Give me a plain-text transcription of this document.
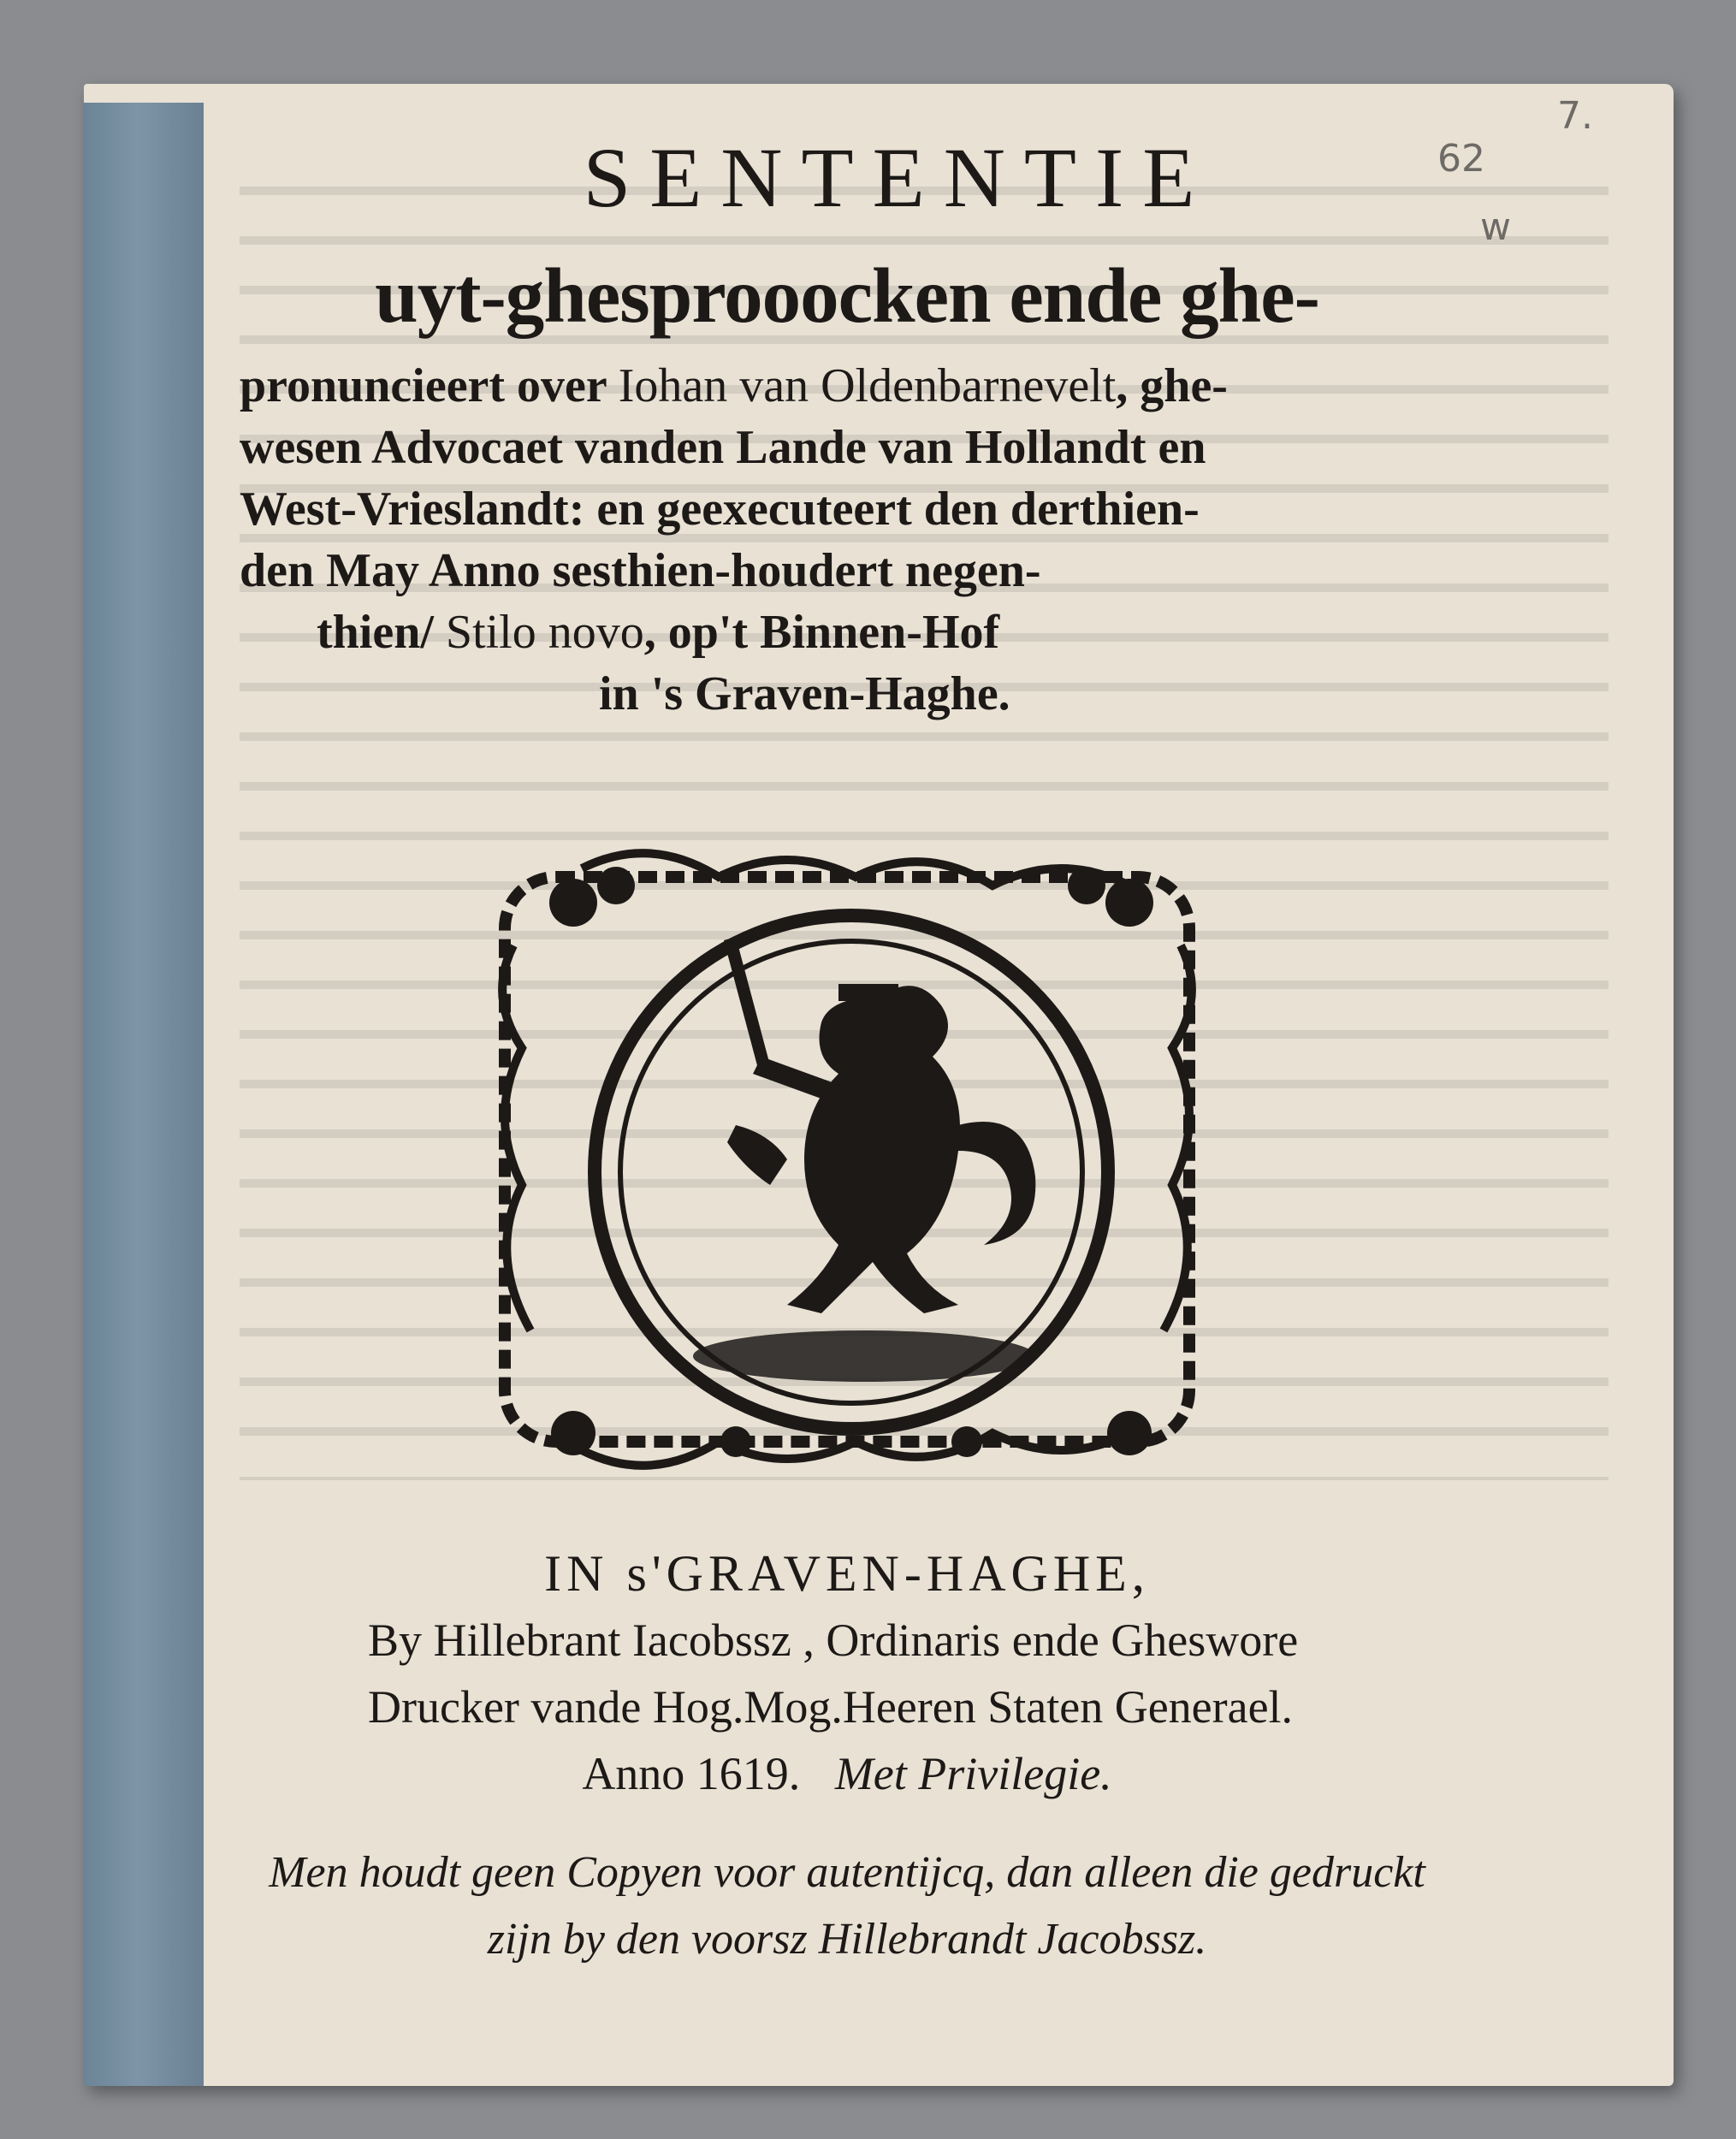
62
w
7.
SENTENTIE
uyt-ghesprooocken ende ghe-
pronuncieert over Iohan van Oldenbarnevelt, ghe-
wesen Advocaet vanden Lande van Hollandt en
West-Vrieslandt: en geexecuteert den derthien-
den May Anno sesthien-houdert negen-
thien/ Stilo novo, op't Binnen-Hof
in 's Graven-Haghe.
IN s'GRAVEN-HAGHE,
By Hillebrant Iacobssz , Ordinaris ende Gheswore
Drucker vande Hog.Mog.Heeren Staten Generael.
Anno 1619. Met Privilegie.
Men houdt geen Copyen voor autentijcq, dan alleen die gedruckt
zijn by den voorsz Hillebrandt Jacobssz.
